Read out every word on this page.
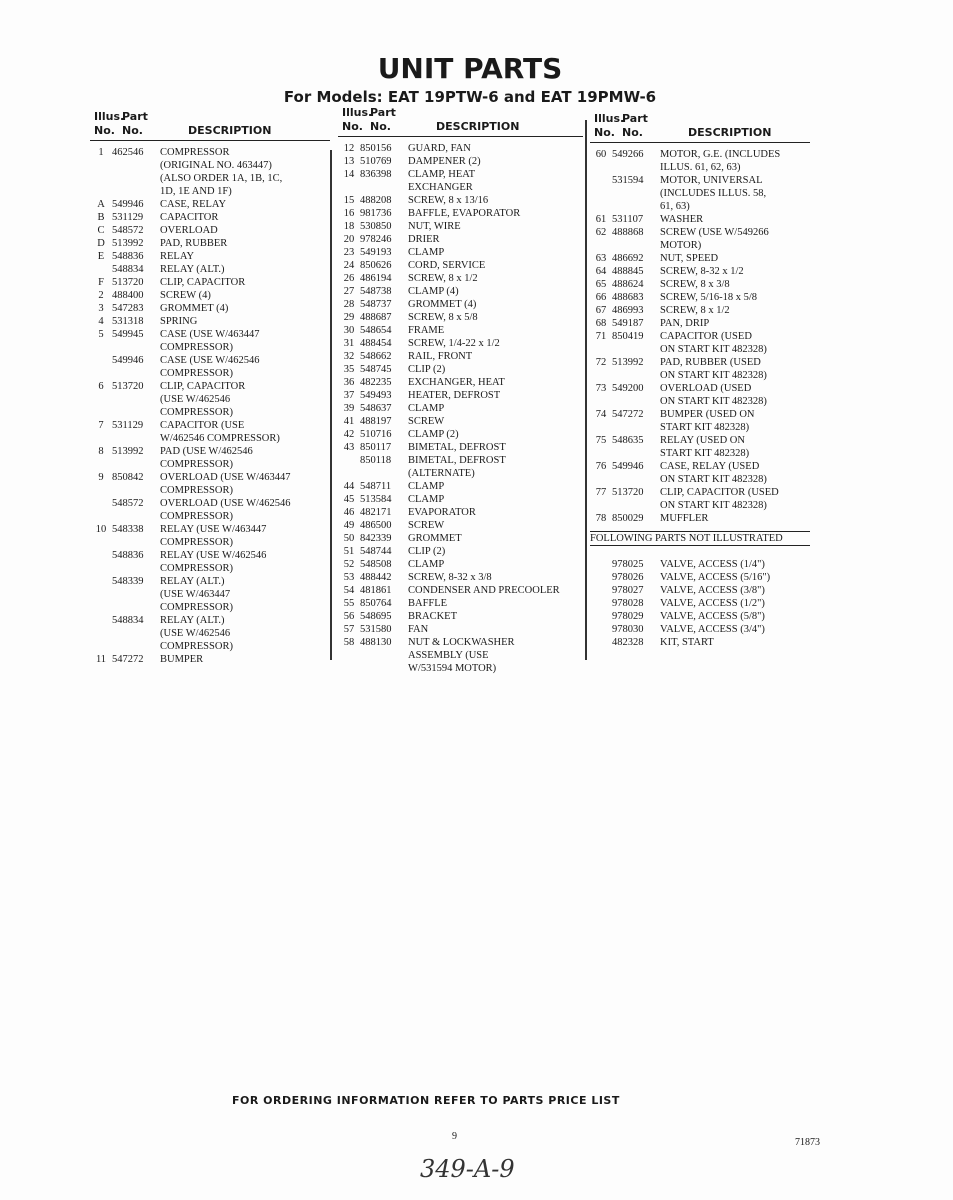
UNIT PARTS
For Models: EAT 19PTW-6 and EAT 19PMW-6
Illus.
Part
No. No.	DESCRIPTION
1 462546 COMPRESSOR
(ORIGINAL NO. 463447)
(ALSO ORDER 1A, 1B, 1C,
1D, 1E AND 1F)
A 549946 CASE, RELAY
B 531129 CAPACITOR
C 548572 OVERLOAD
D 513992 PAD, RUBBER
E 548836 RELAY
548834 RELAY (ALT.)
F 513720 CLIP, CAPACITOR
2 488400 SCREW (4)
3 547283 GROMMET (4)
4 531318 SPRING
5 549945 CASE (USE W/463447
COMPRESSOR)
549946 CASE (USE W/462546
COMPRESSOR)
6 513720 CLIP, CAPACITOR
(USE W/462546
COMPRESSOR)
7 531129 CAPACITOR (USE
W/462546 COMPRESSOR)
8 513992 PAD (USE W/462546
COMPRESSOR)
9 850842 OVERLOAD (USE W/463447
COMPRESSOR)
548572 OVERLOAD (USE W/462546
COMPRESSOR)
10 548338 RELAY (USE W/463447
COMPRESSOR)
548836 RELAY (USE W/462546
COMPRESSOR)
548339 RELAY (ALT.)
(USE W/463447
COMPRESSOR)
548834 RELAY (ALT.)
(USE W/462546
COMPRESSOR)
11 547272 BUMPER
Illus.
Part
No. No.	DESCRIPTION
12 850156 GUARD, FAN
13 510769 DAMPENER (2)
14 836398 CLAMP, HEAT
EXCHANGER
15 488208 SCREW, 8 x 13/16
16 981736 BAFFLE, EVAPORATOR
18 530850 NUT, WIRE
20 978246 DRIER
23 549193 CLAMP
24 850626 CORD, SERVICE
26 486194 SCREW, 8 x 1/2
27 548738 CLAMP (4)
28 548737 GROMMET (4)
29 488687 SCREW, 8 x 5/8
30 548654 FRAME
31 488454 SCREW, 1/4-22 x 1/2
32 548662 RAIL, FRONT
35 548745 CLIP (2)
36 482235 EXCHANGER, HEAT
37 549493 HEATER, DEFROST
39 548637 CLAMP
41 488197 SCREW
42 510716 CLAMP (2)
43 850117 BIMETAL, DEFROST
850118 BIMETAL, DEFROST
(ALTERNATE)
44 548711 CLAMP
45 513584 CLAMP
46 482171 EVAPORATOR
49 486500 SCREW
50 842339 GROMMET
51 548744 CLIP (2)
52 548508 CLAMP
53 488442 SCREW, 8-32 x 3/8
54 481861 CONDENSER AND PRECOOLER
55 850764 BAFFLE
56 548695 BRACKET
57 531580 FAN
58 488130 NUT & LOCKWASHER
ASSEMBLY (USE
W/531594 MOTOR)
Illus.
Part
No. No.	DESCRIPTION
60 549266 MOTOR, G.E. (INCLUDES
ILLUS. 61, 62, 63)
531594 MOTOR, UNIVERSAL
(INCLUDES ILLUS. 58,
61, 63)
61 531107 WASHER
62 488868 SCREW (USE W/549266
MOTOR)
63 486692 NUT, SPEED
64 488845 SCREW, 8-32 x 1/2
65 488624 SCREW, 8 x 3/8
66 488683 SCREW, 5/16-18 x 5/8
67 486993 SCREW, 8 x 1/2
68 549187 PAN, DRIP
71 850419 CAPACITOR (USED
ON START KIT 482328)
72 513992 PAD, RUBBER (USED
ON START KIT 482328)
73 549200 OVERLOAD (USED
ON START KIT 482328)
74 547272 BUMPER (USED ON
START KIT 482328)
75 548635 RELAY (USED ON
START KIT 482328)
76 549946 CASE, RELAY (USED
ON START KIT 482328)
77 513720 CLIP, CAPACITOR (USED
ON START KIT 482328)
78 850029 MUFFLER
FOLLOWING PARTS NOT ILLUSTRATED
978025 VALVE, ACCESS (1/4")
978026 VALVE, ACCESS (5/16")
978027 VALVE, ACCESS (3/8")
978028 VALVE, ACCESS (1/2")
978029 VALVE, ACCESS (5/8")
978030 VALVE, ACCESS (3/4")
482328 KIT, START
FOR ORDERING INFORMATION REFER TO PARTS PRICE LIST
9
71873
349-A-9
